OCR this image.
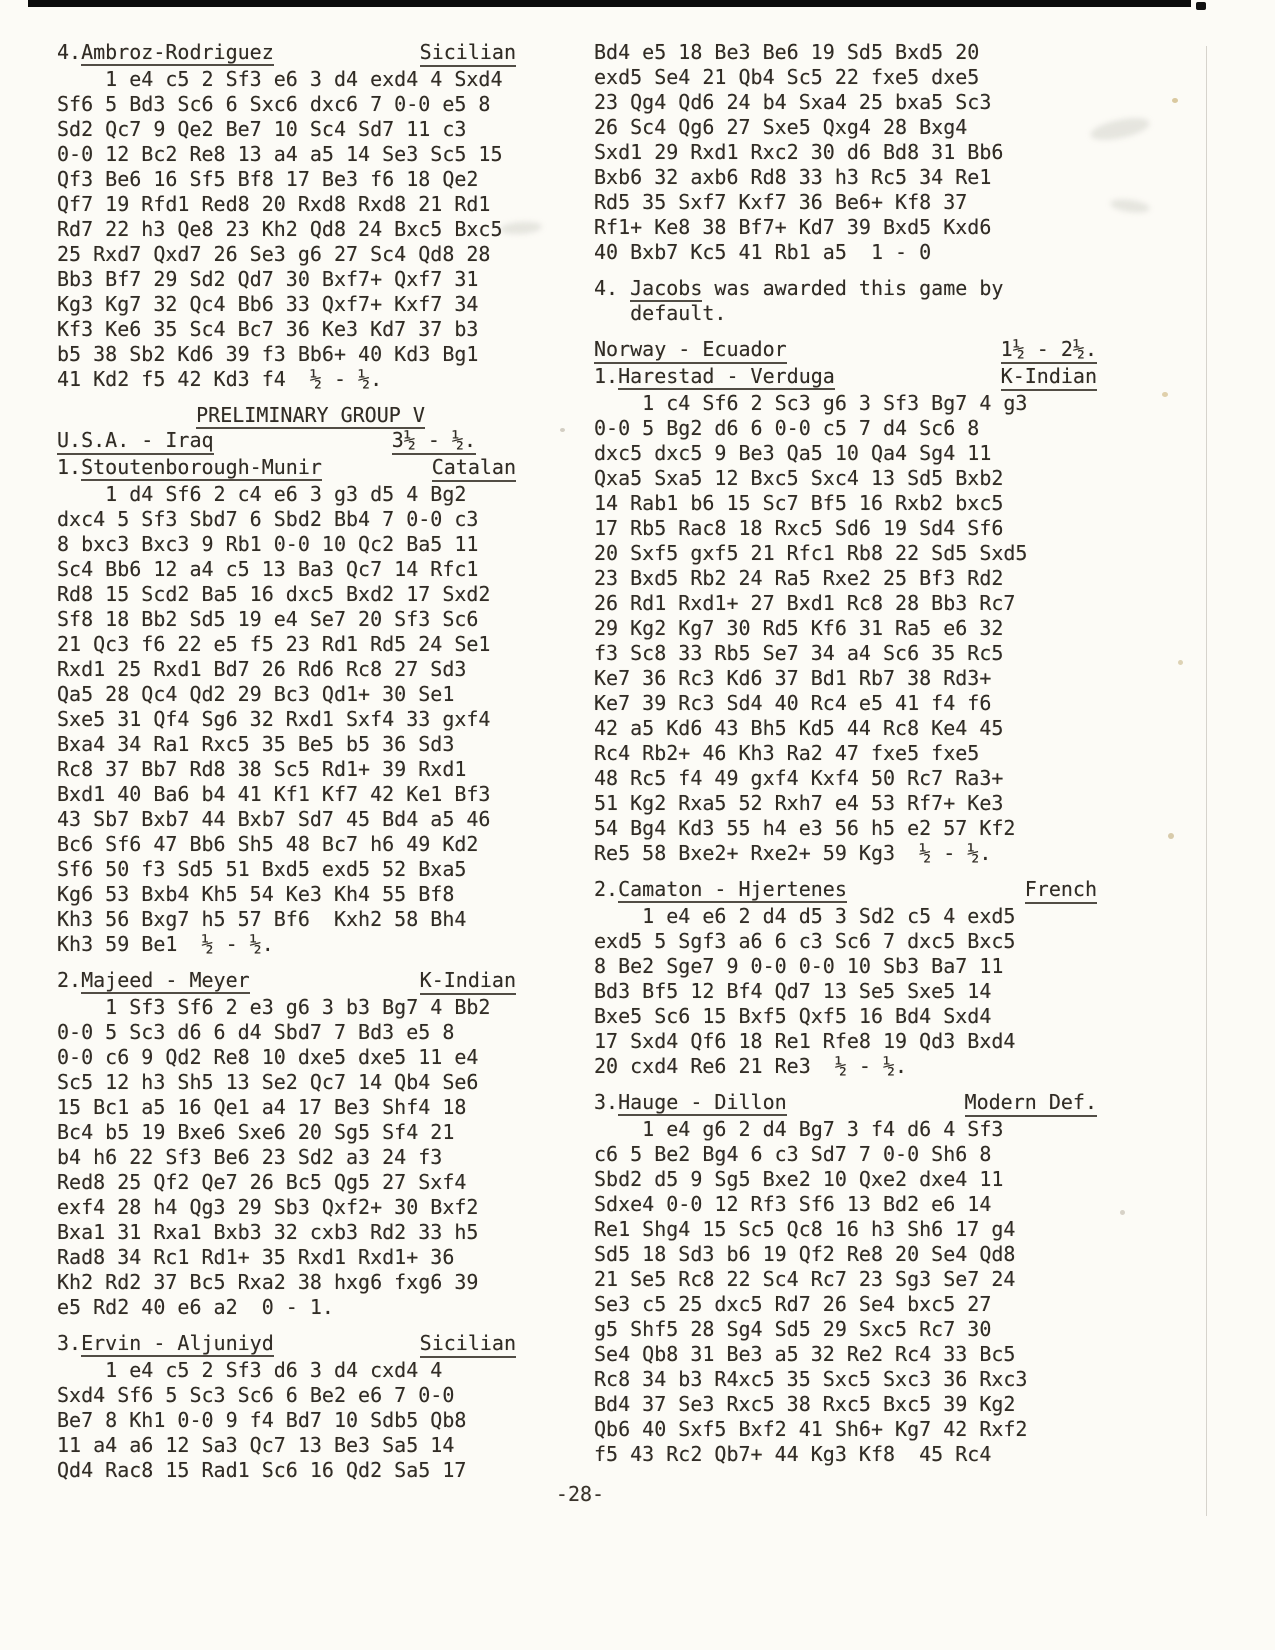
4.Ambroz-Rodriguez	Sicilian
1 e4 c5 2 Sf3 e6 3 d4 exd4 4 Sxd4
Sf6 5 Bd3 Sc6 6 Sxc6 dxc6 7 0-0 e5 8
Sd2 Qc7 9 Qe2 Be7 10 Sc4 Sd7 11 c3
0-0 12 Bc2 Re8 13 a4 a5 14 Se3 Sc5 15
Qf3 Be6 16 Sf5 Bf8 17 Be3 f6 18 Qe2
Qf7 19 Rfd1 Red8 20 Rxd8 Rxd8 21 Rd1
Rd7 22 h3 Qe8 23 Kh2 Qd8 24 Bxc5 Bxc5
25 Rxd7 Qxd7 26 Se3 g6 27 Sc4 Qd8 28
Bb3 Bf7 29 Sd2 Qd7 30 Bxf7+ Qxf7 31
Kg3 Kg7 32 Qc4 Bb6 33 Qxf7+ Kxf7 34
Kf3 Ke6 35 Sc4 Bc7 36 Ke3 Kd7 37 b3
b5 38 Sb2 Kd6 39 f3 Bb6+ 40 Kd3 Bg1
41 Kd2 f5 42 Kd3 f4  ½ - ½.
PRELIMINARY GROUP V
U.S.A. - Iraq	3½ - ½.
1.Stoutenborough-Munir	Catalan
1 d4 Sf6 2 c4 e6 3 g3 d5 4 Bg2
dxc4 5 Sf3 Sbd7 6 Sbd2 Bb4 7 0-0 c3
8 bxc3 Bxc3 9 Rb1 0-0 10 Qc2 Ba5 11
Sc4 Bb6 12 a4 c5 13 Ba3 Qc7 14 Rfc1
Rd8 15 Scd2 Ba5 16 dxc5 Bxd2 17 Sxd2
Sf8 18 Bb2 Sd5 19 e4 Se7 20 Sf3 Sc6
21 Qc3 f6 22 e5 f5 23 Rd1 Rd5 24 Se1
Rxd1 25 Rxd1 Bd7 26 Rd6 Rc8 27 Sd3
Qa5 28 Qc4 Qd2 29 Bc3 Qd1+ 30 Se1
Sxe5 31 Qf4 Sg6 32 Rxd1 Sxf4 33 gxf4
Bxa4 34 Ra1 Rxc5 35 Be5 b5 36 Sd3
Rc8 37 Bb7 Rd8 38 Sc5 Rd1+ 39 Rxd1
Bxd1 40 Ba6 b4 41 Kf1 Kf7 42 Ke1 Bf3
43 Sb7 Bxb7 44 Bxb7 Sd7 45 Bd4 a5 46
Bc6 Sf6 47 Bb6 Sh5 48 Bc7 h6 49 Kd2
Sf6 50 f3 Sd5 51 Bxd5 exd5 52 Bxa5
Kg6 53 Bxb4 Kh5 54 Ke3 Kh4 55 Bf8
Kh3 56 Bxg7 h5 57 Bf6  Kxh2 58 Bh4
Kh3 59 Be1  ½ - ½.
2.Majeed - Meyer	K-Indian
1 Sf3 Sf6 2 e3 g6 3 b3 Bg7 4 Bb2
0-0 5 Sc3 d6 6 d4 Sbd7 7 Bd3 e5 8
0-0 c6 9 Qd2 Re8 10 dxe5 dxe5 11 e4
Sc5 12 h3 Sh5 13 Se2 Qc7 14 Qb4 Se6
15 Bc1 a5 16 Qe1 a4 17 Be3 Shf4 18
Bc4 b5 19 Bxe6 Sxe6 20 Sg5 Sf4 21
b4 h6 22 Sf3 Be6 23 Sd2 a3 24 f3
Red8 25 Qf2 Qe7 26 Bc5 Qg5 27 Sxf4
exf4 28 h4 Qg3 29 Sb3 Qxf2+ 30 Bxf2
Bxa1 31 Rxa1 Bxb3 32 cxb3 Rd2 33 h5
Rad8 34 Rc1 Rd1+ 35 Rxd1 Rxd1+ 36
Kh2 Rd2 37 Bc5 Rxa2 38 hxg6 fxg6 39
e5 Rd2 40 e6 a2  0 - 1.
3.Ervin - Aljuniyd	Sicilian
1 e4 c5 2 Sf3 d6 3 d4 cxd4 4
Sxd4 Sf6 5 Sc3 Sc6 6 Be2 e6 7 0-0
Be7 8 Kh1 0-0 9 f4 Bd7 10 Sdb5 Qb8
11 a4 a6 12 Sa3 Qc7 13 Be3 Sa5 14
Qd4 Rac8 15 Rad1 Sc6 16 Qd2 Sa5 17
Bd4 e5 18 Be3 Be6 19 Sd5 Bxd5 20
exd5 Se4 21 Qb4 Sc5 22 fxe5 dxe5
23 Qg4 Qd6 24 b4 Sxa4 25 bxa5 Sc3
26 Sc4 Qg6 27 Sxe5 Qxg4 28 Bxg4
Sxd1 29 Rxd1 Rxc2 30 d6 Bd8 31 Bb6
Bxb6 32 axb6 Rd8 33 h3 Rc5 34 Re1
Rd5 35 Sxf7 Kxf7 36 Be6+ Kf8 37
Rf1+ Ke8 38 Bf7+ Kd7 39 Bxd5 Kxd6
40 Bxb7 Kc5 41 Rb1 a5  1 - 0
4. Jacobs was awarded this game by
default.
Norway - Ecuador	1½ - 2½.
1.Harestad - Verduga	K-Indian
1 c4 Sf6 2 Sc3 g6 3 Sf3 Bg7 4 g3
0-0 5 Bg2 d6 6 0-0 c5 7 d4 Sc6 8
dxc5 dxc5 9 Be3 Qa5 10 Qa4 Sg4 11
Qxa5 Sxa5 12 Bxc5 Sxc4 13 Sd5 Bxb2
14 Rab1 b6 15 Sc7 Bf5 16 Rxb2 bxc5
17 Rb5 Rac8 18 Rxc5 Sd6 19 Sd4 Sf6
20 Sxf5 gxf5 21 Rfc1 Rb8 22 Sd5 Sxd5
23 Bxd5 Rb2 24 Ra5 Rxe2 25 Bf3 Rd2
26 Rd1 Rxd1+ 27 Bxd1 Rc8 28 Bb3 Rc7
29 Kg2 Kg7 30 Rd5 Kf6 31 Ra5 e6 32
f3 Sc8 33 Rb5 Se7 34 a4 Sc6 35 Rc5
Ke7 36 Rc3 Kd6 37 Bd1 Rb7 38 Rd3+
Ke7 39 Rc3 Sd4 40 Rc4 e5 41 f4 f6
42 a5 Kd6 43 Bh5 Kd5 44 Rc8 Ke4 45
Rc4 Rb2+ 46 Kh3 Ra2 47 fxe5 fxe5
48 Rc5 f4 49 gxf4 Kxf4 50 Rc7 Ra3+
51 Kg2 Rxa5 52 Rxh7 e4 53 Rf7+ Ke3
54 Bg4 Kd3 55 h4 e3 56 h5 e2 57 Kf2
Re5 58 Bxe2+ Rxe2+ 59 Kg3  ½ - ½.
2.Camaton - Hjertenes	French
1 e4 e6 2 d4 d5 3 Sd2 c5 4 exd5
exd5 5 Sgf3 a6 6 c3 Sc6 7 dxc5 Bxc5
8 Be2 Sge7 9 0-0 0-0 10 Sb3 Ba7 11
Bd3 Bf5 12 Bf4 Qd7 13 Se5 Sxe5 14
Bxe5 Sc6 15 Bxf5 Qxf5 16 Bd4 Sxd4
17 Sxd4 Qf6 18 Re1 Rfe8 19 Qd3 Bxd4
20 cxd4 Re6 21 Re3  ½ - ½.
3.Hauge - Dillon	Modern Def.
1 e4 g6 2 d4 Bg7 3 f4 d6 4 Sf3
c6 5 Be2 Bg4 6 c3 Sd7 7 0-0 Sh6 8
Sbd2 d5 9 Sg5 Bxe2 10 Qxe2 dxe4 11
Sdxe4 0-0 12 Rf3 Sf6 13 Bd2 e6 14
Re1 Shg4 15 Sc5 Qc8 16 h3 Sh6 17 g4
Sd5 18 Sd3 b6 19 Qf2 Re8 20 Se4 Qd8
21 Se5 Rc8 22 Sc4 Rc7 23 Sg3 Se7 24
Se3 c5 25 dxc5 Rd7 26 Se4 bxc5 27
g5 Shf5 28 Sg4 Sd5 29 Sxc5 Rc7 30
Se4 Qb8 31 Be3 a5 32 Re2 Rc4 33 Bc5
Rc8 34 b3 R4xc5 35 Sxc5 Sxc3 36 Rxc3
Bd4 37 Se3 Rxc5 38 Rxc5 Bxc5 39 Kg2
Qb6 40 Sxf5 Bxf2 41 Sh6+ Kg7 42 Rxf2
f5 43 Rc2 Qb7+ 44 Kg3 Kf8  45 Rc4
-28-
